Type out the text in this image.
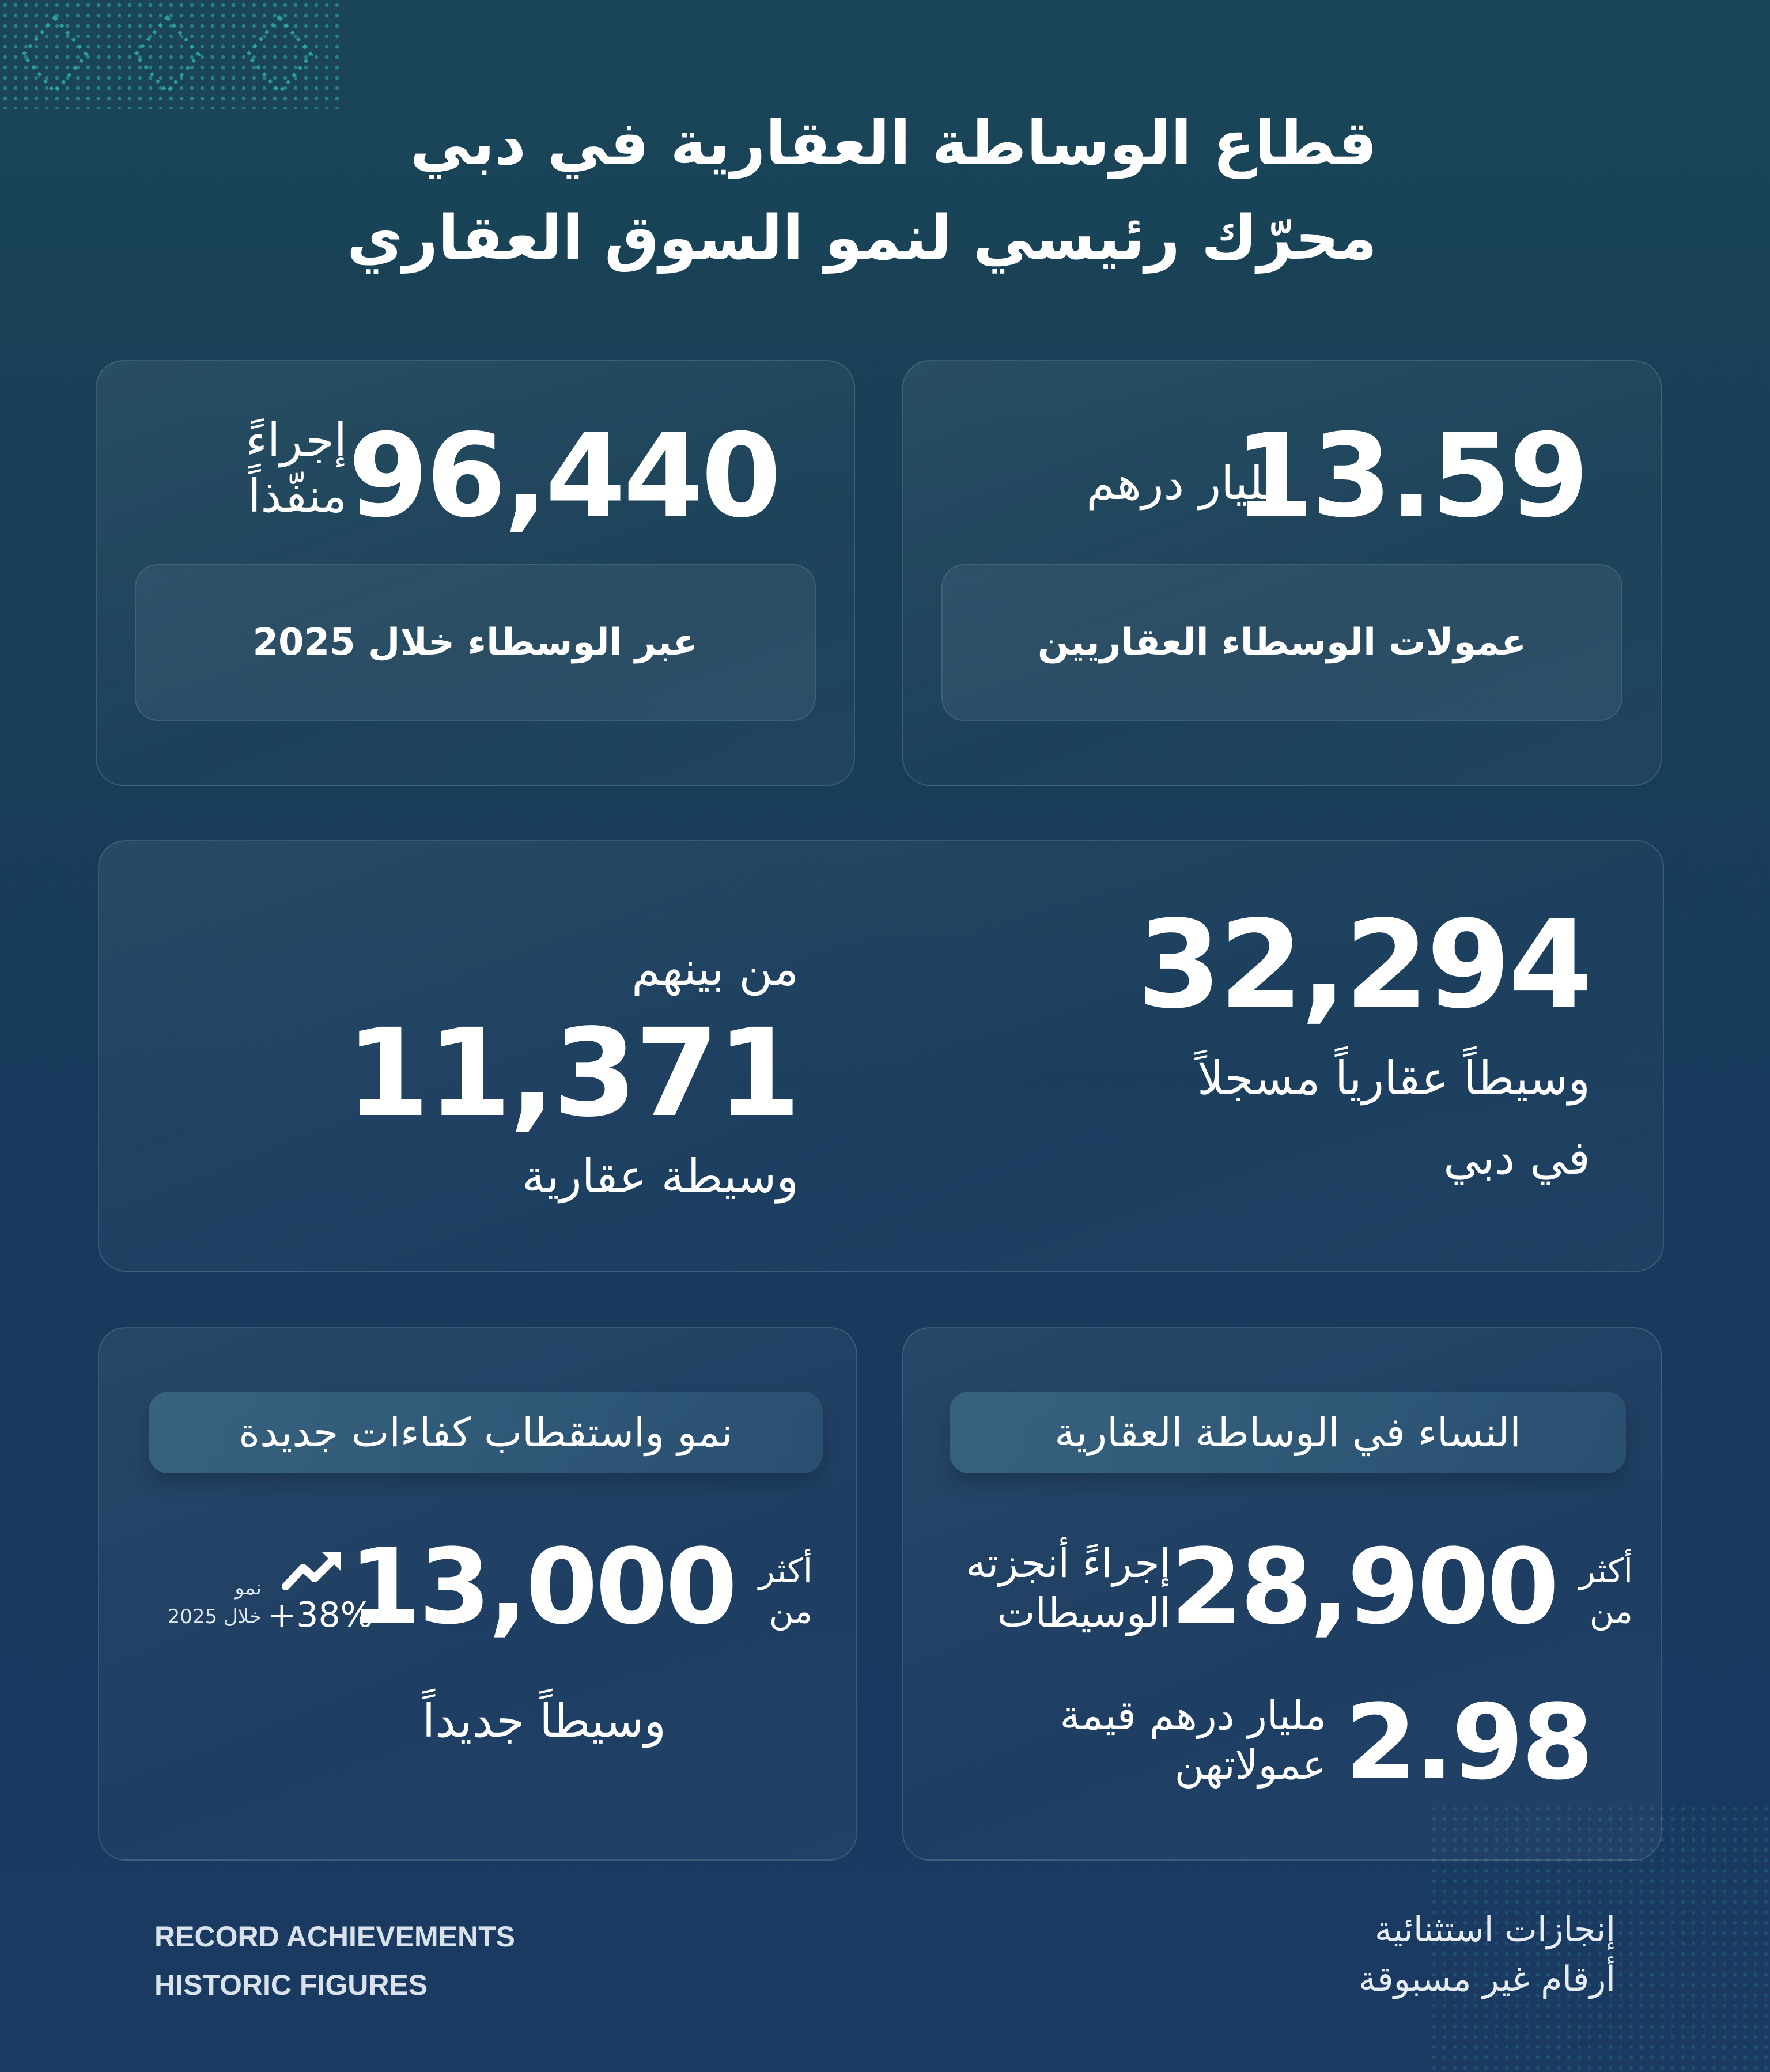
قطاع الوساطة العقارية في دبي
محرّك رئيسي لنمو السوق العقاري
13.59
مليار درهم
عمولات الوسطاء العقاريين
96,440
إجراءً
منفّذاً
عبر الوسطاء خلال 2025
32,294
وسيطاً عقارياً مسجلاً
في دبي
من بينهم
11,371
وسيطة عقارية
النساء في الوساطة العقارية
أكثر
من
28,900
إجراءً أنجزته
الوسيطات
2.98
مليار درهم قيمة
عمولاتهن
نمو واستقطاب كفاءات جديدة
أكثر
من
13,000
+38%
نمو
خلال 2025
وسيطاً جديداً
RECORD ACHIEVEMENTS
HISTORIC FIGURES
إنجازات استثنائية
أرقام غير مسبوقة
